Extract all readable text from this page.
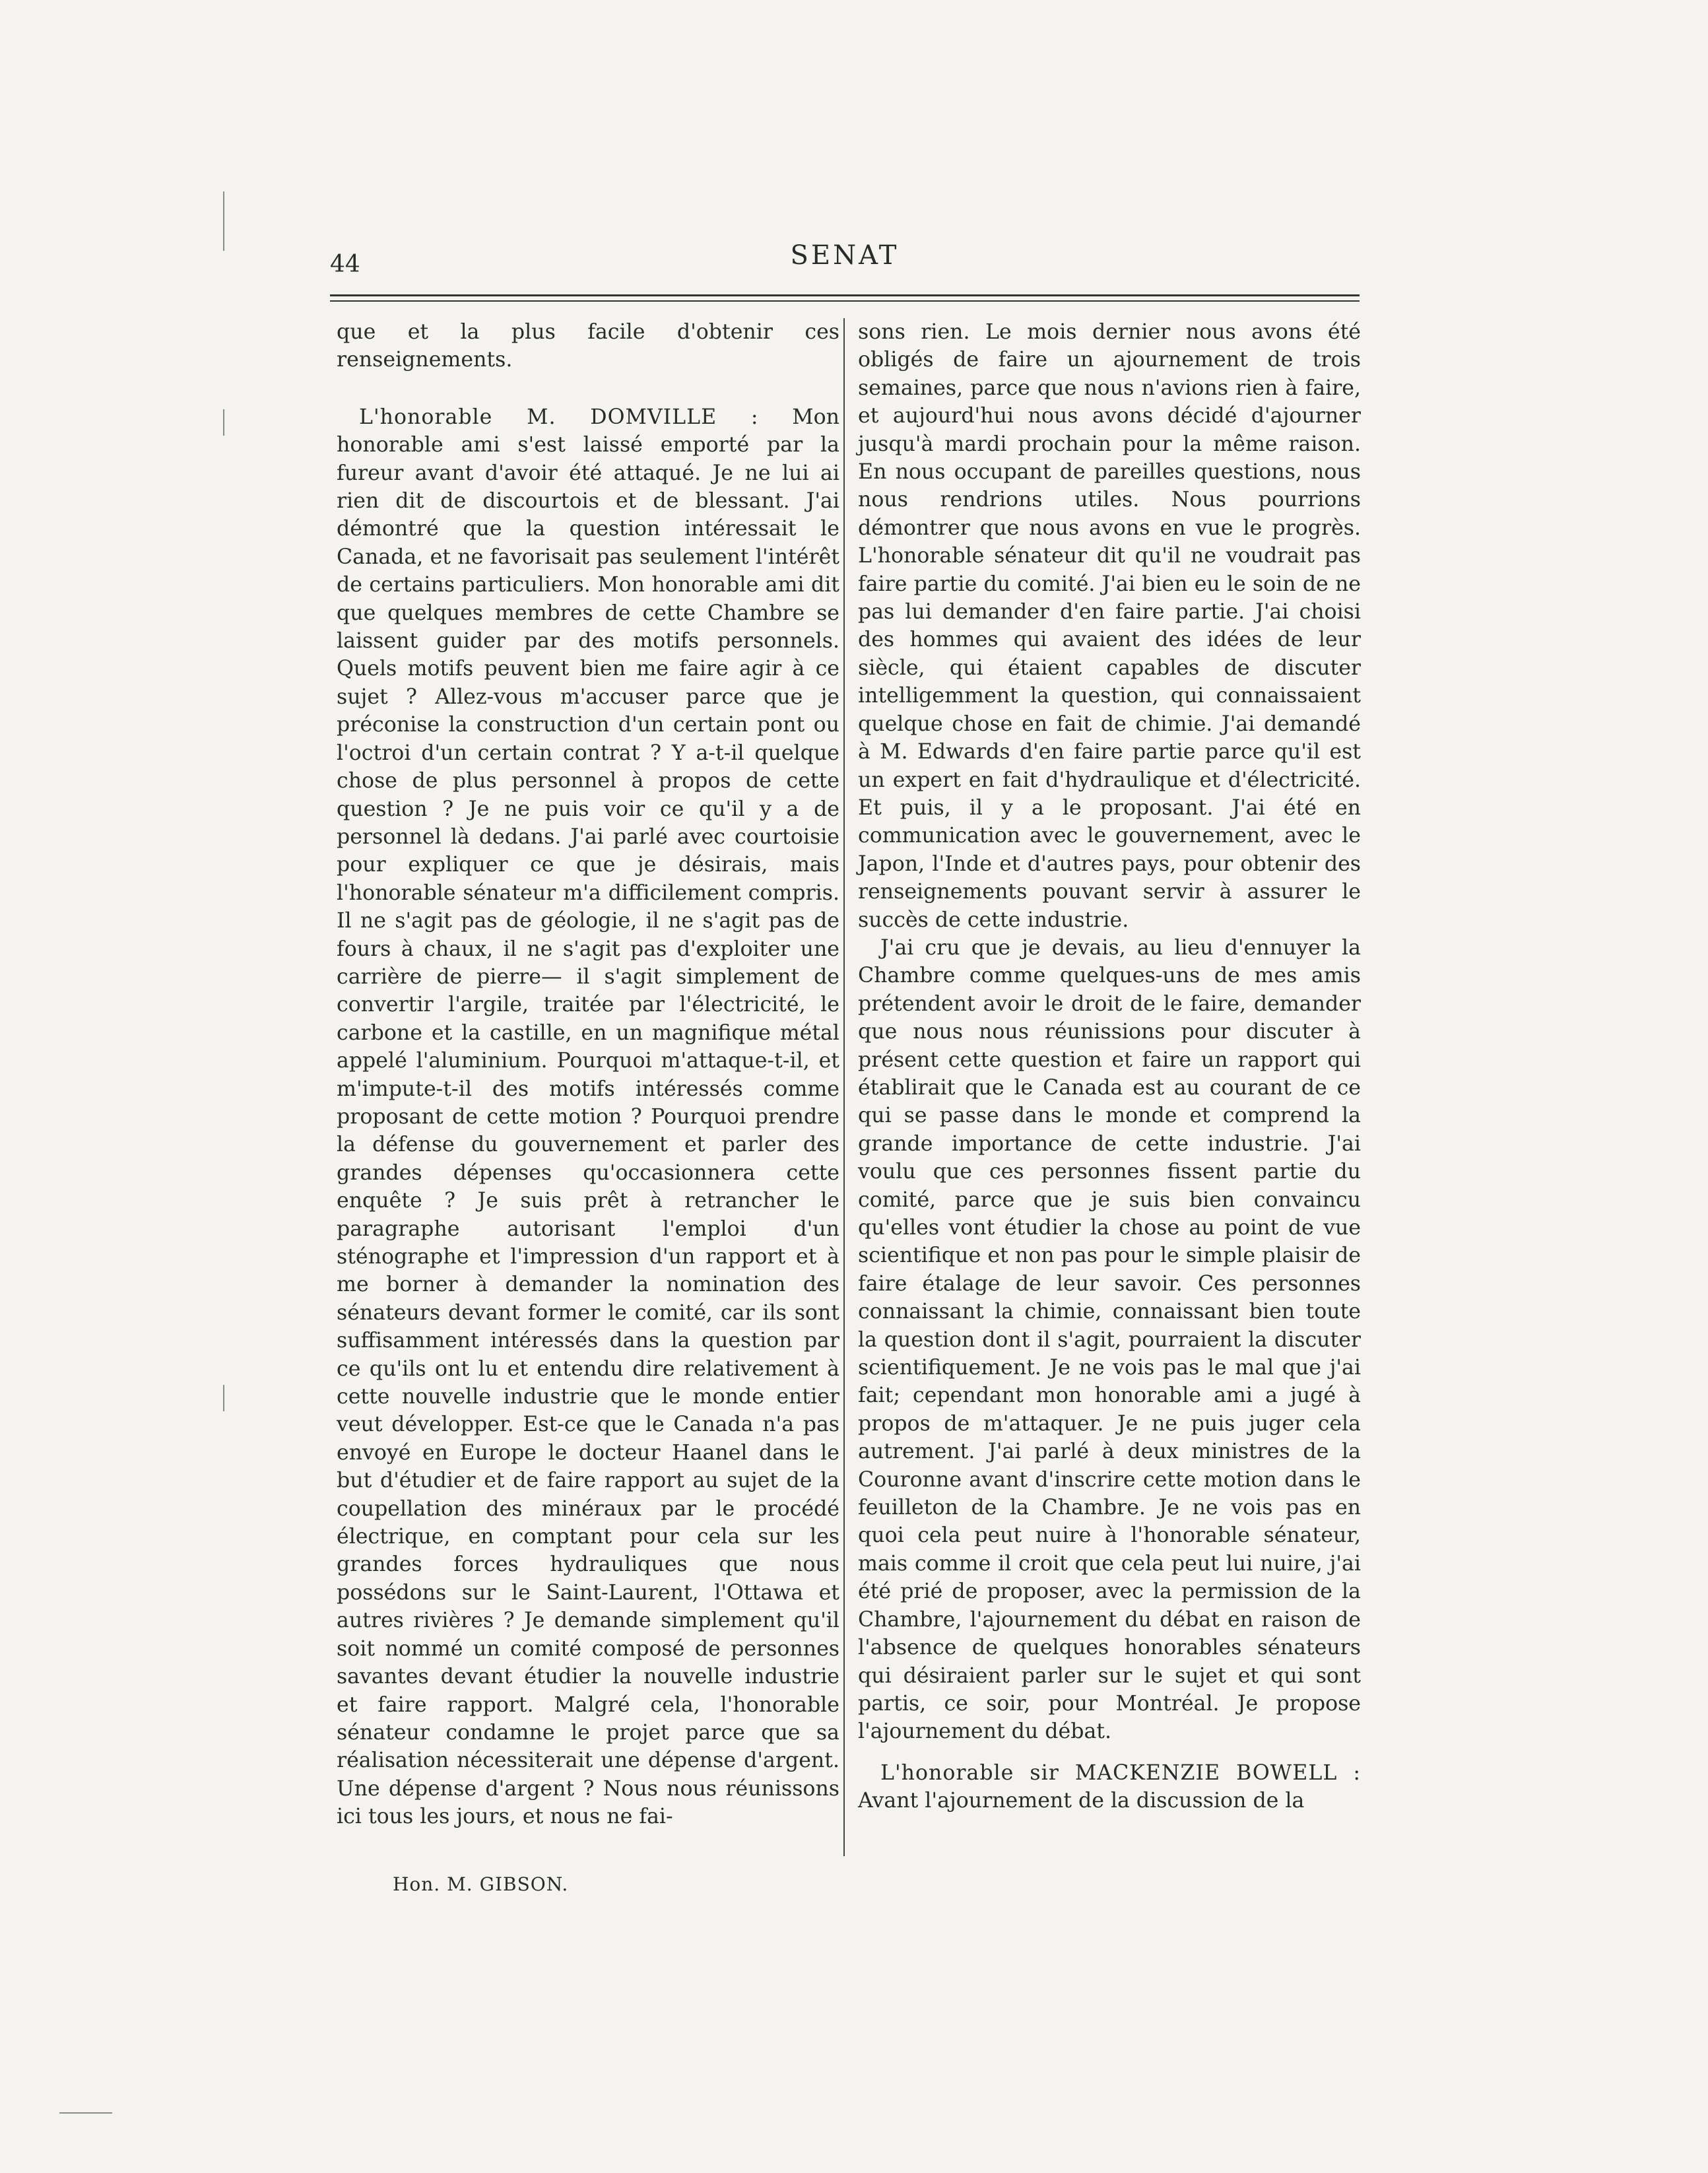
44	SENAT

que et la plus facile d'obtenir ces renseignements.

L'honorable M. DOMVILLE : Mon honorable ami s'est laissé emporté par la fureur avant d'avoir été attaqué. Je ne lui ai rien dit de discourtois et de blessant. J'ai démontré que la question intéressait le Canada, et ne favorisait pas seulement l'intérêt de certains particuliers. Mon honorable ami dit que quelques membres de cette Chambre se laissent guider par des motifs personnels. Quels motifs peuvent bien me faire agir à ce sujet ? Allez-vous m'accuser parce que je préconise la construction d'un certain pont ou l'octroi d'un certain contrat ? Y a-t-il quelque chose de plus personnel à propos de cette question ? Je ne puis voir ce qu'il y a de personnel là dedans. J'ai parlé avec courtoisie pour expliquer ce que je désirais, mais l'honorable sénateur m'a difficilement compris. Il ne s'agit pas de géologie, il ne s'agit pas de fours à chaux, il ne s'agit pas d'exploiter une carrière de pierre— il s'agit simplement de convertir l'argile, traitée par l'électricité, le carbone et la castille, en un magnifique métal appelé l'aluminium. Pourquoi m'attaque-t-il, et m'impute-t-il des motifs intéressés comme proposant de cette motion ? Pourquoi prendre la défense du gouvernement et parler des grandes dépenses qu'occasionnera cette enquête ? Je suis prêt à retrancher le paragraphe autorisant l'emploi d'un sténographe et l'impression d'un rapport et à me borner à demander la nomination des sénateurs devant former le comité, car ils sont suffisamment intéressés dans la question par ce qu'ils ont lu et entendu dire relativement à cette nouvelle industrie que le monde entier veut développer. Est-ce que le Canada n'a pas envoyé en Europe le docteur Haanel dans le but d'étudier et de faire rapport au sujet de la coupellation des minéraux par le procédé électrique, en comptant pour cela sur les grandes forces hydrauliques que nous possédons sur le Saint-Laurent, l'Ottawa et autres rivières ? Je demande simplement qu'il soit nommé un comité composé de personnes savantes devant étudier la nouvelle industrie et faire rapport. Malgré cela, l'honorable sénateur condamne le projet parce que sa réalisation nécessiterait une dépense d'argent. Une dépense d'argent ? Nous nous réunissons ici tous les jours, et nous ne fai-

sons rien. Le mois dernier nous avons été obligés de faire un ajournement de trois semaines, parce que nous n'avions rien à faire, et aujourd'hui nous avons décidé d'ajourner jusqu'à mardi prochain pour la même raison. En nous occupant de pareilles questions, nous nous rendrions utiles. Nous pourrions démontrer que nous avons en vue le progrès. L'honorable sénateur dit qu'il ne voudrait pas faire partie du comité. J'ai bien eu le soin de ne pas lui demander d'en faire partie. J'ai choisi des hommes qui avaient des idées de leur siècle, qui étaient capables de discuter intelligemment la question, qui connaissaient quelque chose en fait de chimie. J'ai demandé à M. Edwards d'en faire partie parce qu'il est un expert en fait d'hydraulique et d'électricité. Et puis, il y a le proposant. J'ai été en communication avec le gouvernement, avec le Japon, l'Inde et d'autres pays, pour obtenir des renseignements pouvant servir à assurer le succès de cette industrie.

J'ai cru que je devais, au lieu d'ennuyer la Chambre comme quelques-uns de mes amis prétendent avoir le droit de le faire, demander que nous nous réunissions pour discuter à présent cette question et faire un rapport qui établirait que le Canada est au courant de ce qui se passe dans le monde et comprend la grande importance de cette industrie. J'ai voulu que ces personnes fissent partie du comité, parce que je suis bien convaincu qu'elles vont étudier la chose au point de vue scientifique et non pas pour le simple plaisir de faire étalage de leur savoir. Ces personnes connaissant la chimie, connaissant bien toute la question dont il s'agit, pourraient la discuter scientifiquement. Je ne vois pas le mal que j'ai fait; cependant mon honorable ami a jugé à propos de m'attaquer. Je ne puis juger cela autrement. J'ai parlé à deux ministres de la Couronne avant d'inscrire cette motion dans le feuilleton de la Chambre. Je ne vois pas en quoi cela peut nuire à l'honorable sénateur, mais comme il croit que cela peut lui nuire, j'ai été prié de proposer, avec la permission de la Chambre, l'ajournement du débat en raison de l'absence de quelques honorables sénateurs qui désiraient parler sur le sujet et qui sont partis, ce soir, pour Montréal. Je propose l'ajournement du débat.

L'honorable sir MACKENZIE BOWELL : Avant l'ajournement de la discussion de la

Hon. M. GIBSON.
